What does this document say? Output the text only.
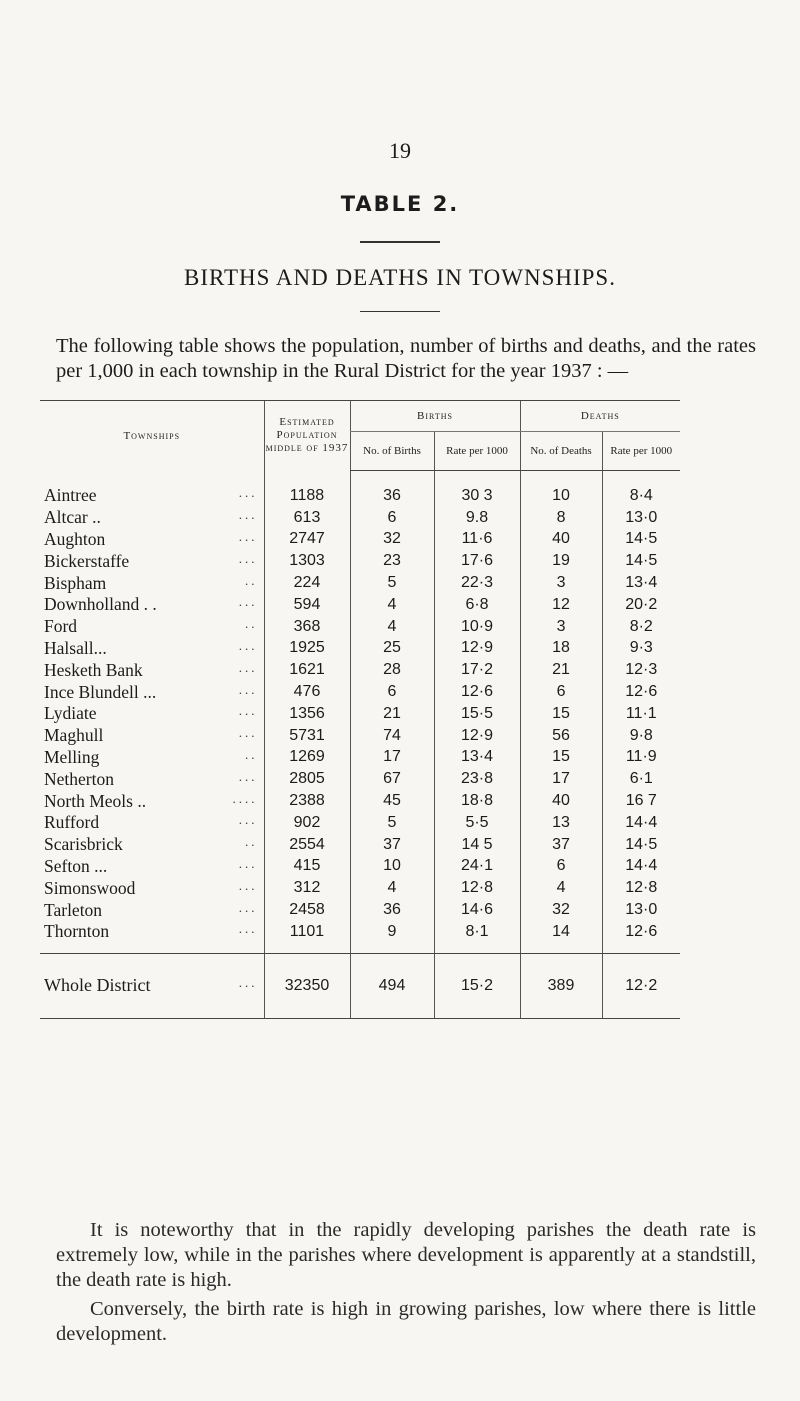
19
TABLE 2.
BIRTHS AND DEATHS IN TOWNSHIPS.
The following table shows the population, number of births and deaths, and the rates per 1,000 in each township in the Rural District for the year 1937 : —
Townships	Estimated Population middle of 1937	Births		Deaths	
		No. of Births	Rate per 1000	No. of Deaths	Rate per 1000
Aintree ...	1188	36	30 3	10	8·4
Altcar .. ...	613	6	9.8	8	13·0
Aughton ...	2747	32	11·6	40	14·5
Bickerstaffe ...	1303	23	17·6	19	14·5
Bispham ..	224	5	22·3	3	13·4
Downholland . . ...	594	4	6·8	12	20·2
Ford ..	368	4	10·9	3	8·2
Halsall... ...	1925	25	12·9	18	9·3
Hesketh Bank ...	1621	28	17·2	21	12·3
Ince Blundell ... ...	476	6	12·6	6	12·6
Lydiate ...	1356	21	15·5	15	11·1
Maghull ...	5731	74	12·9	56	9·8
Melling ..	1269	17	13·4	15	11·9
Netherton ...	2805	67	23·8	17	6·1
North Meols .. ....	2388	45	18·8	40	16 7
Rufford ...	902	5	5·5	13	14·4
Scarisbrick ..	2554	37	14 5	37	14·5
Sefton ... ...	415	10	24·1	6	14·4
Simonswood ...	312	4	12·8	4	12·8
Tarleton ...	2458	36	14·6	32	13·0
Thornton ...	1101	9	8·1	14	12·6
Whole District ...	32350	494	15·2	389	12·2
It is noteworthy that in the rapidly developing parishes the death rate is extremely low, while in the parishes where development is apparently at a standstill, the death rate is high.
Conversely, the birth rate is high in growing parishes, low where there is little development.
